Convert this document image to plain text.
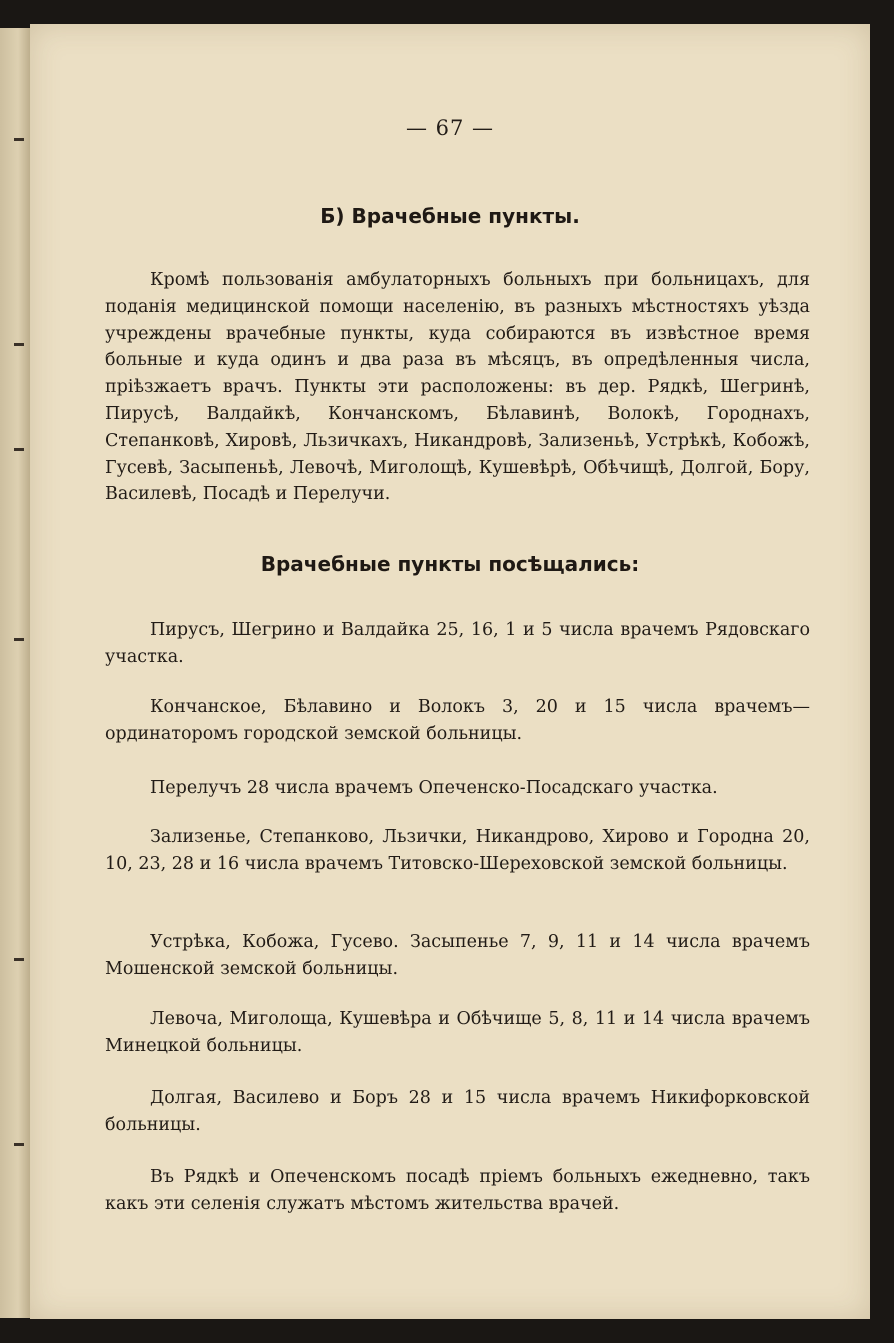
— 67 —
Б) Врачебные пункты.
Кромѣ пользованія амбулаторныхъ больныхъ при больницахъ, для поданія медицинской помощи населенію, въ разныхъ мѣстностяхъ уѣзда учреждены врачебные пункты, куда собираются въ извѣстное время больные и куда одинъ и два раза въ мѣсяцъ, въ опредѣленныя числа, пріѣзжаетъ врачъ. Пункты эти расположены: въ дер. Рядкѣ, Шегринѣ, Пирусѣ, Валдайкѣ, Кончанскомъ, Бѣлавинѣ, Волокѣ, Городнахъ, Степанковѣ, Хировѣ, Льзичкахъ, Никандровѣ, Зализеньѣ, Устрѣкѣ, Кобожѣ, Гусевѣ, Засыпеньѣ, Левочѣ, Миголощѣ, Кушевѣрѣ, Обѣчищѣ, Долгой, Бору, Василевѣ, Посадѣ и Перелучи.
Врачебные пункты посѣщались:
Пирусъ, Шегрино и Валдайка 25, 16, 1 и 5 числа врачемъ Рядовскаго участка.
Кончанское, Бѣлавино и Волокъ 3, 20 и 15 числа врачемъ—ординаторомъ городской земской больницы.
Перелучъ 28 числа врачемъ Опеченско-Посадскаго участка.
Зализенье, Степанково, Льзички, Никандрово, Хирово и Городна 20, 10, 23, 28 и 16 числа врачемъ Титовско-Шереховской земской больницы.
Устрѣка, Кобожа, Гусево. Засыпенье 7, 9, 11 и 14 числа врачемъ Мошенской земской больницы.
Левоча, Миголоща, Кушевѣра и Обѣчище 5, 8, 11 и 14 числа врачемъ Минецкой больницы.
Долгая, Василево и Боръ 28 и 15 числа врачемъ Никифорковской больницы.
Въ Рядкѣ и Опеченскомъ посадѣ пріемъ больныхъ ежедневно, такъ какъ эти селенія служатъ мѣстомъ жительства врачей.
